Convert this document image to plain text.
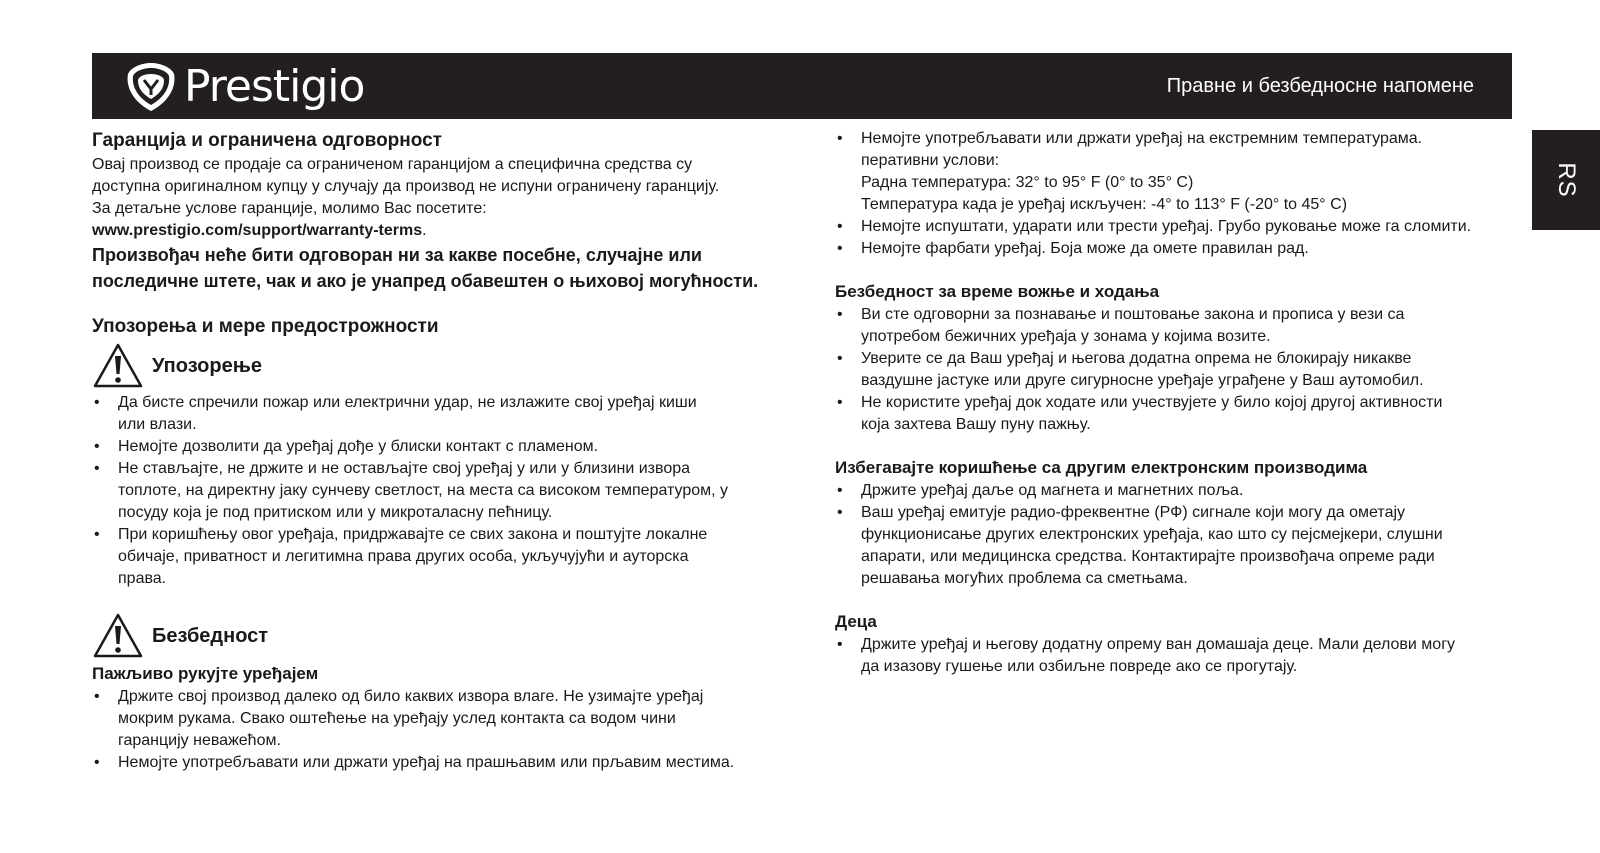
Prestigio	Правне и безбедносне напомене
RS
Гаранција и ограничена одговорност

Овај производ се продаје са ограниченом гаранцијом а специфична средства су

доступна оригиналном купцу у случају да производ не испуни ограничену гаранцију.

За детаљне услове гаранције, молимо Вас посетите:

www.prestigio.com/support/warranty-terms.

Произвођач неће бити одговоран ни за какве посебне, случајне или

последичне штете, чак и ако је унапред обавештен о њиховој могућности.

Упозорења и мере предострожности
Упозорење
• Да бисте спречили пожар или електрични удар, не излажите свој уређај киши
или влази.
• Немојте дозволити да уређај дође у блиски контакт с пламеном.
• Не стављајте, не држите и не остављајте свој уређај у или у близини извора
топлоте, на директну јаку сунчеву светлост, на места са високом температуром, у
посуду која је под притиском или у микроталасну пећницу.
• При коришћењу овог уређаја, придржавајте се свих закона и поштујте локалне
обичаје, приватност и легитимна права других особа, укључујући и ауторска
права.
Безбедност
Пажљиво рукујте уређајем
• Држите свој производ далеко од било каквих извора влаге. Не узимајте уређај
мокрим рукама. Свако оштећење на уређају услед контакта са водом чини
гаранцију неважећом.
• Немојте употребљавати или држати уређај на прашњавим или прљавим местима.
• Немојте употребљавати или држати уређај на екстремним температурама.
перативни услови:
Радна температура: 32° to 95° F (0° to 35° C)
Температура када је уређај искључен: -4° to 113° F (-20° to 45° C)
• Немојте испуштати, ударати или трести уређај. Грубо руковање може га сломити.
• Немојте фарбати уређај. Боја може да омете правилан рад.
Безбедност за време вожње и ходања
• Ви сте одговорни за познавање и поштовање закона и прописа у вези са
употребом бежичних уређаја у зонама у којима возите.
• Уверите се да Ваш уређај и његова додатна опрема не блокирају никакве
ваздушне јастуке или друге сигурносне уређаје уграђене у Ваш аутомобил.
• Не користите уређај док ходате или учествујете у било којој другој активности
која захтева Вашу пуну пажњу.
Избегавајте коришћење са другим електронским производима
• Држите уређај даље од магнета и магнетних поља.
• Ваш уређај емитује радио-фреквентне (РФ) сигнале који могу да ометају
функционисање других електронских уређаја, као што су пејсмејкери, слушни
апарати, или медицинска средства. Контактирајте произвођача опреме ради
решавања могућих проблема са сметњама.
Деца
• Држите уређај и његову додатну опрему ван домашаја деце. Мали делови могу
да изазову гушење или озбиљне повреде ако се прогутају.
